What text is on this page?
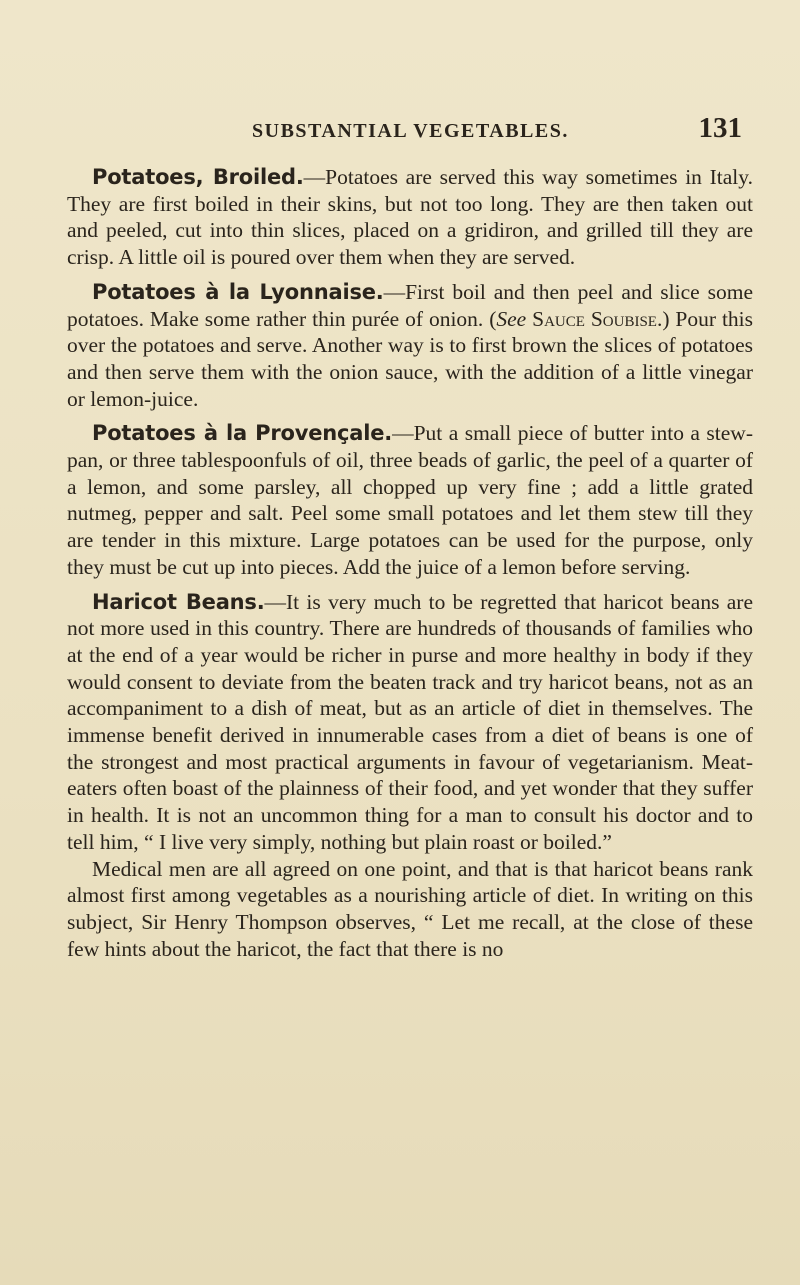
SUBSTANTIAL VEGETABLES.	131

Potatoes, Broiled.—Potatoes are served this way sometimes in Italy. They are first boiled in their skins, but not too long. They are then taken out and peeled, cut into thin slices, placed on a gridiron, and grilled till they are crisp. A little oil is poured over them when they are served.

Potatoes à la Lyonnaise.—First boil and then peel and slice some potatoes. Make some rather thin purée of onion. (See Sauce Soubise.) Pour this over the potatoes and serve. Another way is to first brown the slices of potatoes and then serve them with the onion sauce, with the addition of a little vinegar or lemon-juice.

Potatoes à la Provençale.—Put a small piece of butter into a stew-pan, or three tablespoonfuls of oil, three beads of garlic, the peel of a quarter of a lemon, and some parsley, all chopped up very fine ; add a little grated nutmeg, pepper and salt. Peel some small potatoes and let them stew till they are tender in this mixture. Large potatoes can be used for the purpose, only they must be cut up into pieces. Add the juice of a lemon before serving.

Haricot Beans.—It is very much to be regretted that haricot beans are not more used in this country. There are hundreds of thousands of families who at the end of a year would be richer in purse and more healthy in body if they would consent to deviate from the beaten track and try haricot beans, not as an accompaniment to a dish of meat, but as an article of diet in themselves. The immense benefit derived in innumerable cases from a diet of beans is one of the strongest and most practical arguments in favour of vegetarianism. Meat-eaters often boast of the plainness of their food, and yet wonder that they suffer in health. It is not an uncommon thing for a man to consult his doctor and to tell him, “ I live very simply, nothing but plain roast or boiled.”

Medical men are all agreed on one point, and that is that haricot beans rank almost first among vegetables as a nourishing article of diet. In writing on this subject, Sir Henry Thompson observes, “ Let me recall, at the close of these few hints about the haricot, the fact that there is no
